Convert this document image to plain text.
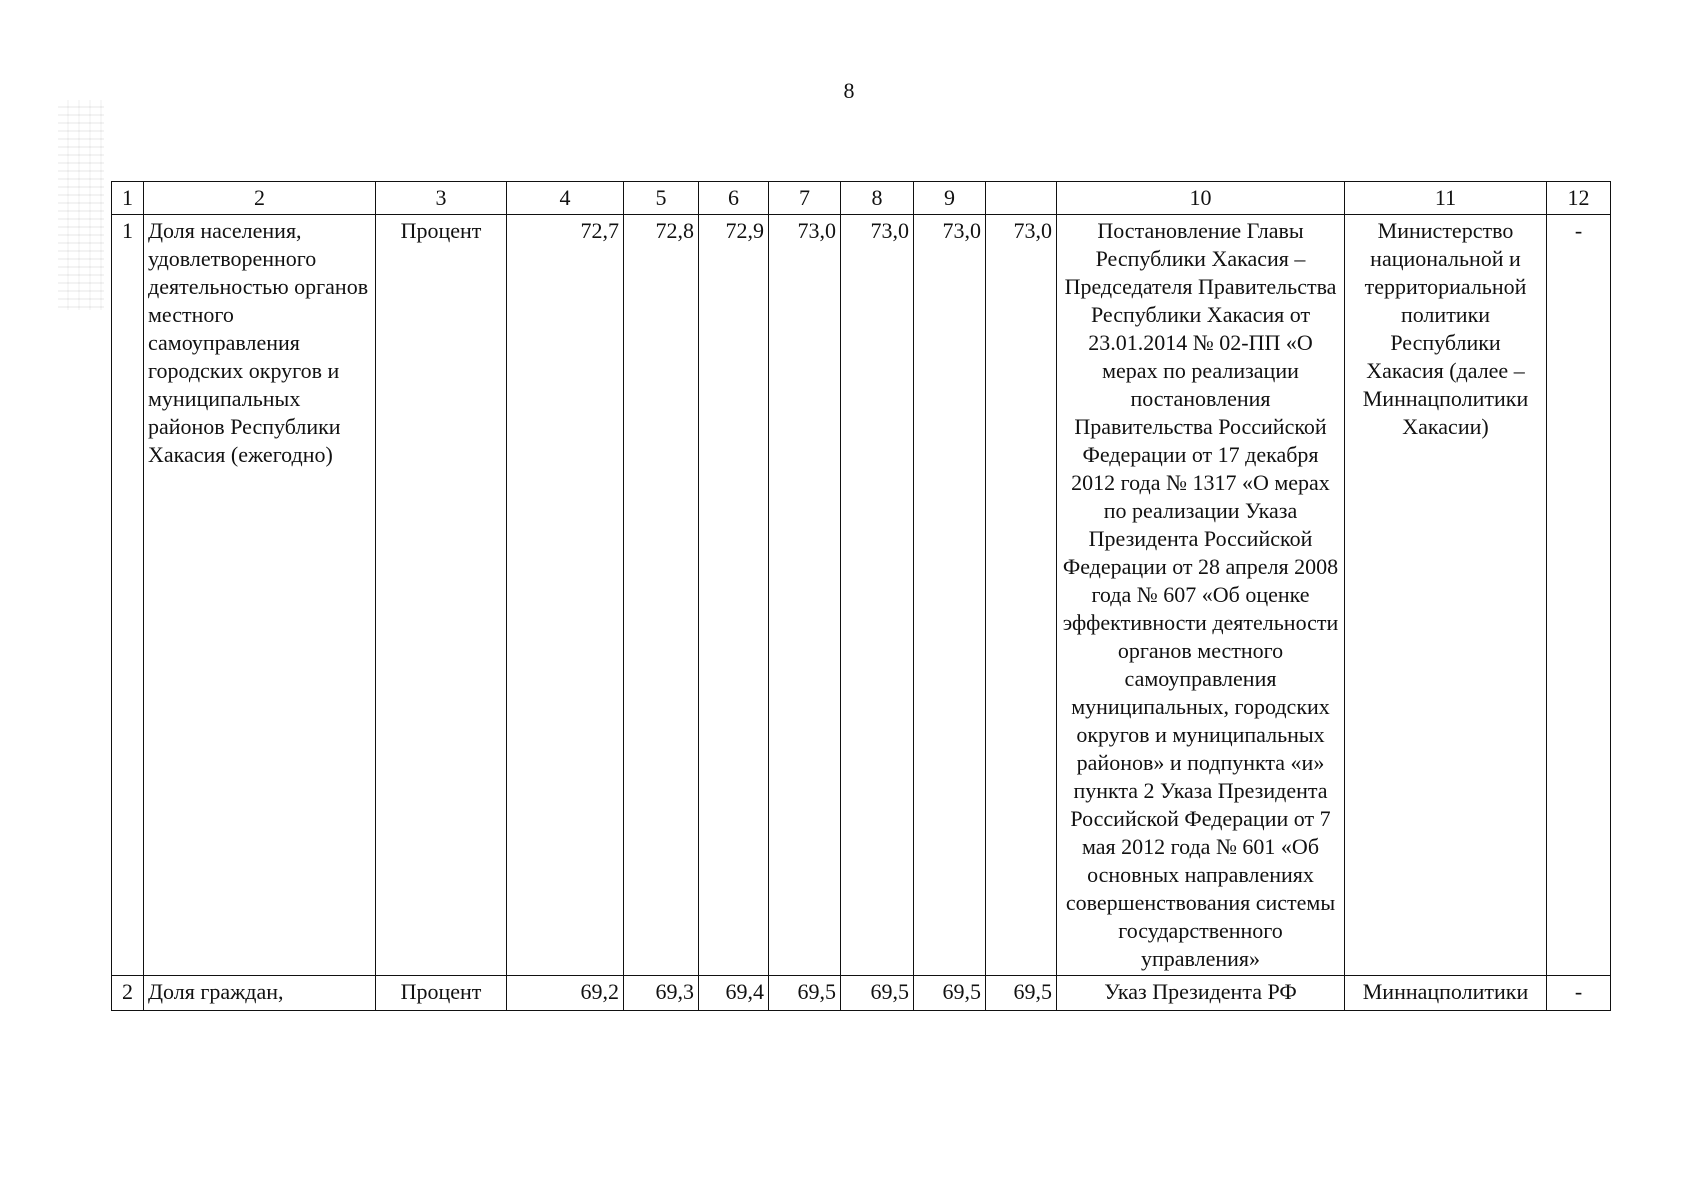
8
1	2	3	4	5	6	7	8	9		10	11	12
1	Доля населения, удовлетворенного деятельностью органов местного самоуправления городских округов и муниципальных районов Республики Хакасия (ежегодно)	Процент	72,7	72,8	72,9	73,0	73,0	73,0	73,0	Постановление Главы Республики Хакасия – Председателя Правительства Республики Хакасия от 23.01.2014 № 02-ПП «О мерах по реализации постановления Правительства Российской Федерации от 17 декабря 2012 года № 1317 «О мерах по реализации Указа Президента Российской Федерации от 28 апреля 2008 года № 607 «Об оценке эффективности деятельности органов местного самоуправления муниципальных, городских округов и муниципальных районов» и подпункта «и» пункта 2 Указа Президента Российской Федерации от 7 мая 2012 года № 601 «Об основных направлениях совершенствования системы государственного управления»	Министерство национальной и территориальной политики Республики Хакасия (далее – Миннацполитики Хакасии)	-
2	Доля граждан,	Процент	69,2	69,3	69,4	69,5	69,5	69,5	69,5	Указ Президента РФ	Миннацполитики	-
